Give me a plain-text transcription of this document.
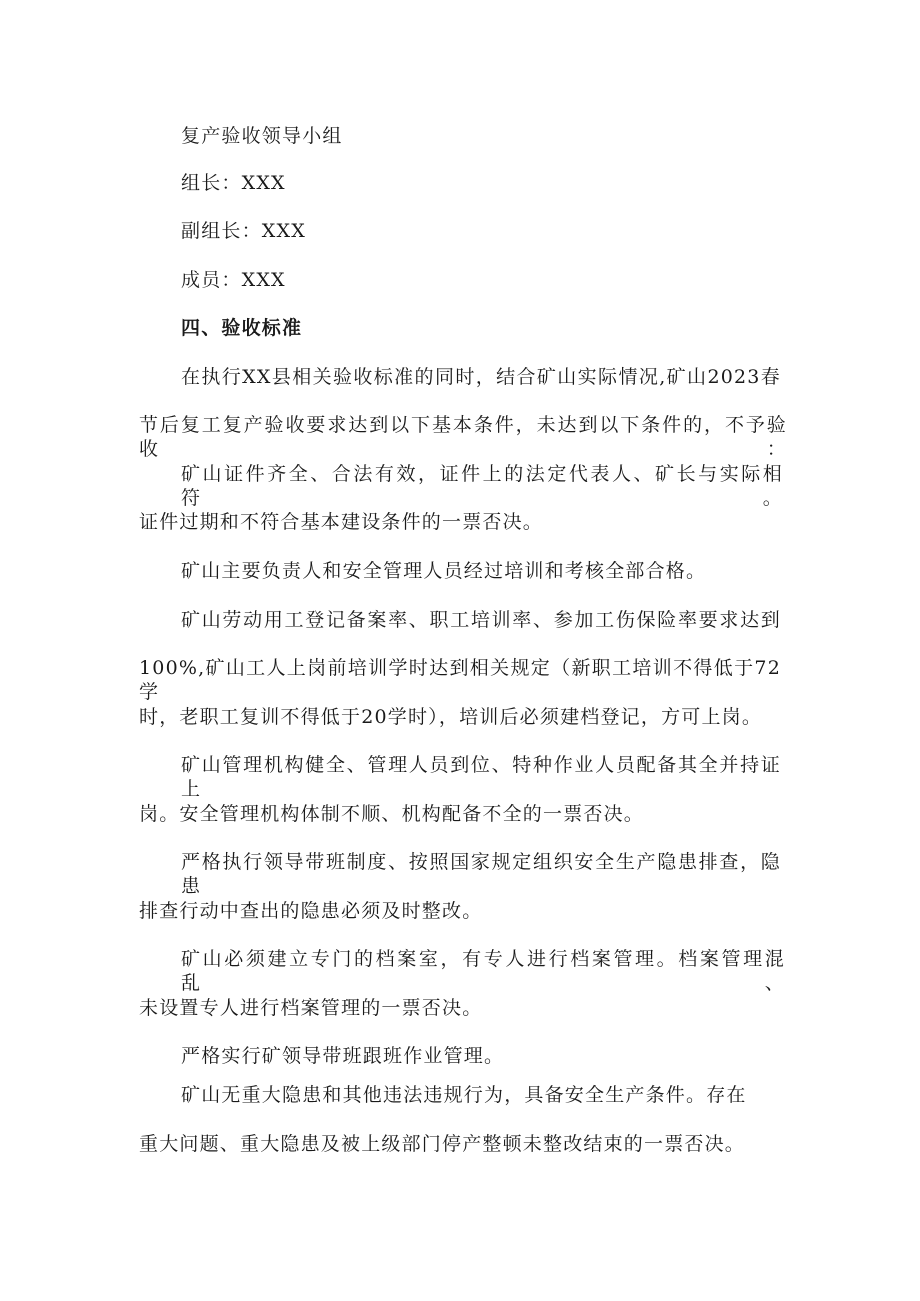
复产验收领导小组
组长：XXX
副组长：XXX
成员：XXX
四、验收标准
在执行XX县相关验收标准的同时，结合矿山实际情况,矿山2023春
节后复工复产验收要求达到以下基本条件，未达到以下条件的，不予验收：
矿山证件齐全、合法有效，证件上的法定代表人、矿长与实际相符。
证件过期和不符合基本建设条件的一票否决。
矿山主要负责人和安全管理人员经过培训和考核全部合格。
矿山劳动用工登记备案率、职工培训率、参加工伤保险率要求达到
100%,矿山工人上岗前培训学时达到相关规定（新职工培训不得低于72学
时，老职工复训不得低于20学时），培训后必须建档登记，方可上岗。
矿山管理机构健全、管理人员到位、特种作业人员配备其全并持证上
岗。安全管理机构体制不顺、机构配备不全的一票否决。
严格执行领导带班制度、按照国家规定组织安全生产隐患排查，隐患
排查行动中查出的隐患必须及时整改。
矿山必须建立专门的档案室，有专人进行档案管理。档案管理混乱、
未设置专人进行档案管理的一票否决。
严格实行矿领导带班跟班作业管理。
矿山无重大隐患和其他违法违规行为，具备安全生产条件。存在
重大问题、重大隐患及被上级部门停产整顿未整改结束的一票否决。
